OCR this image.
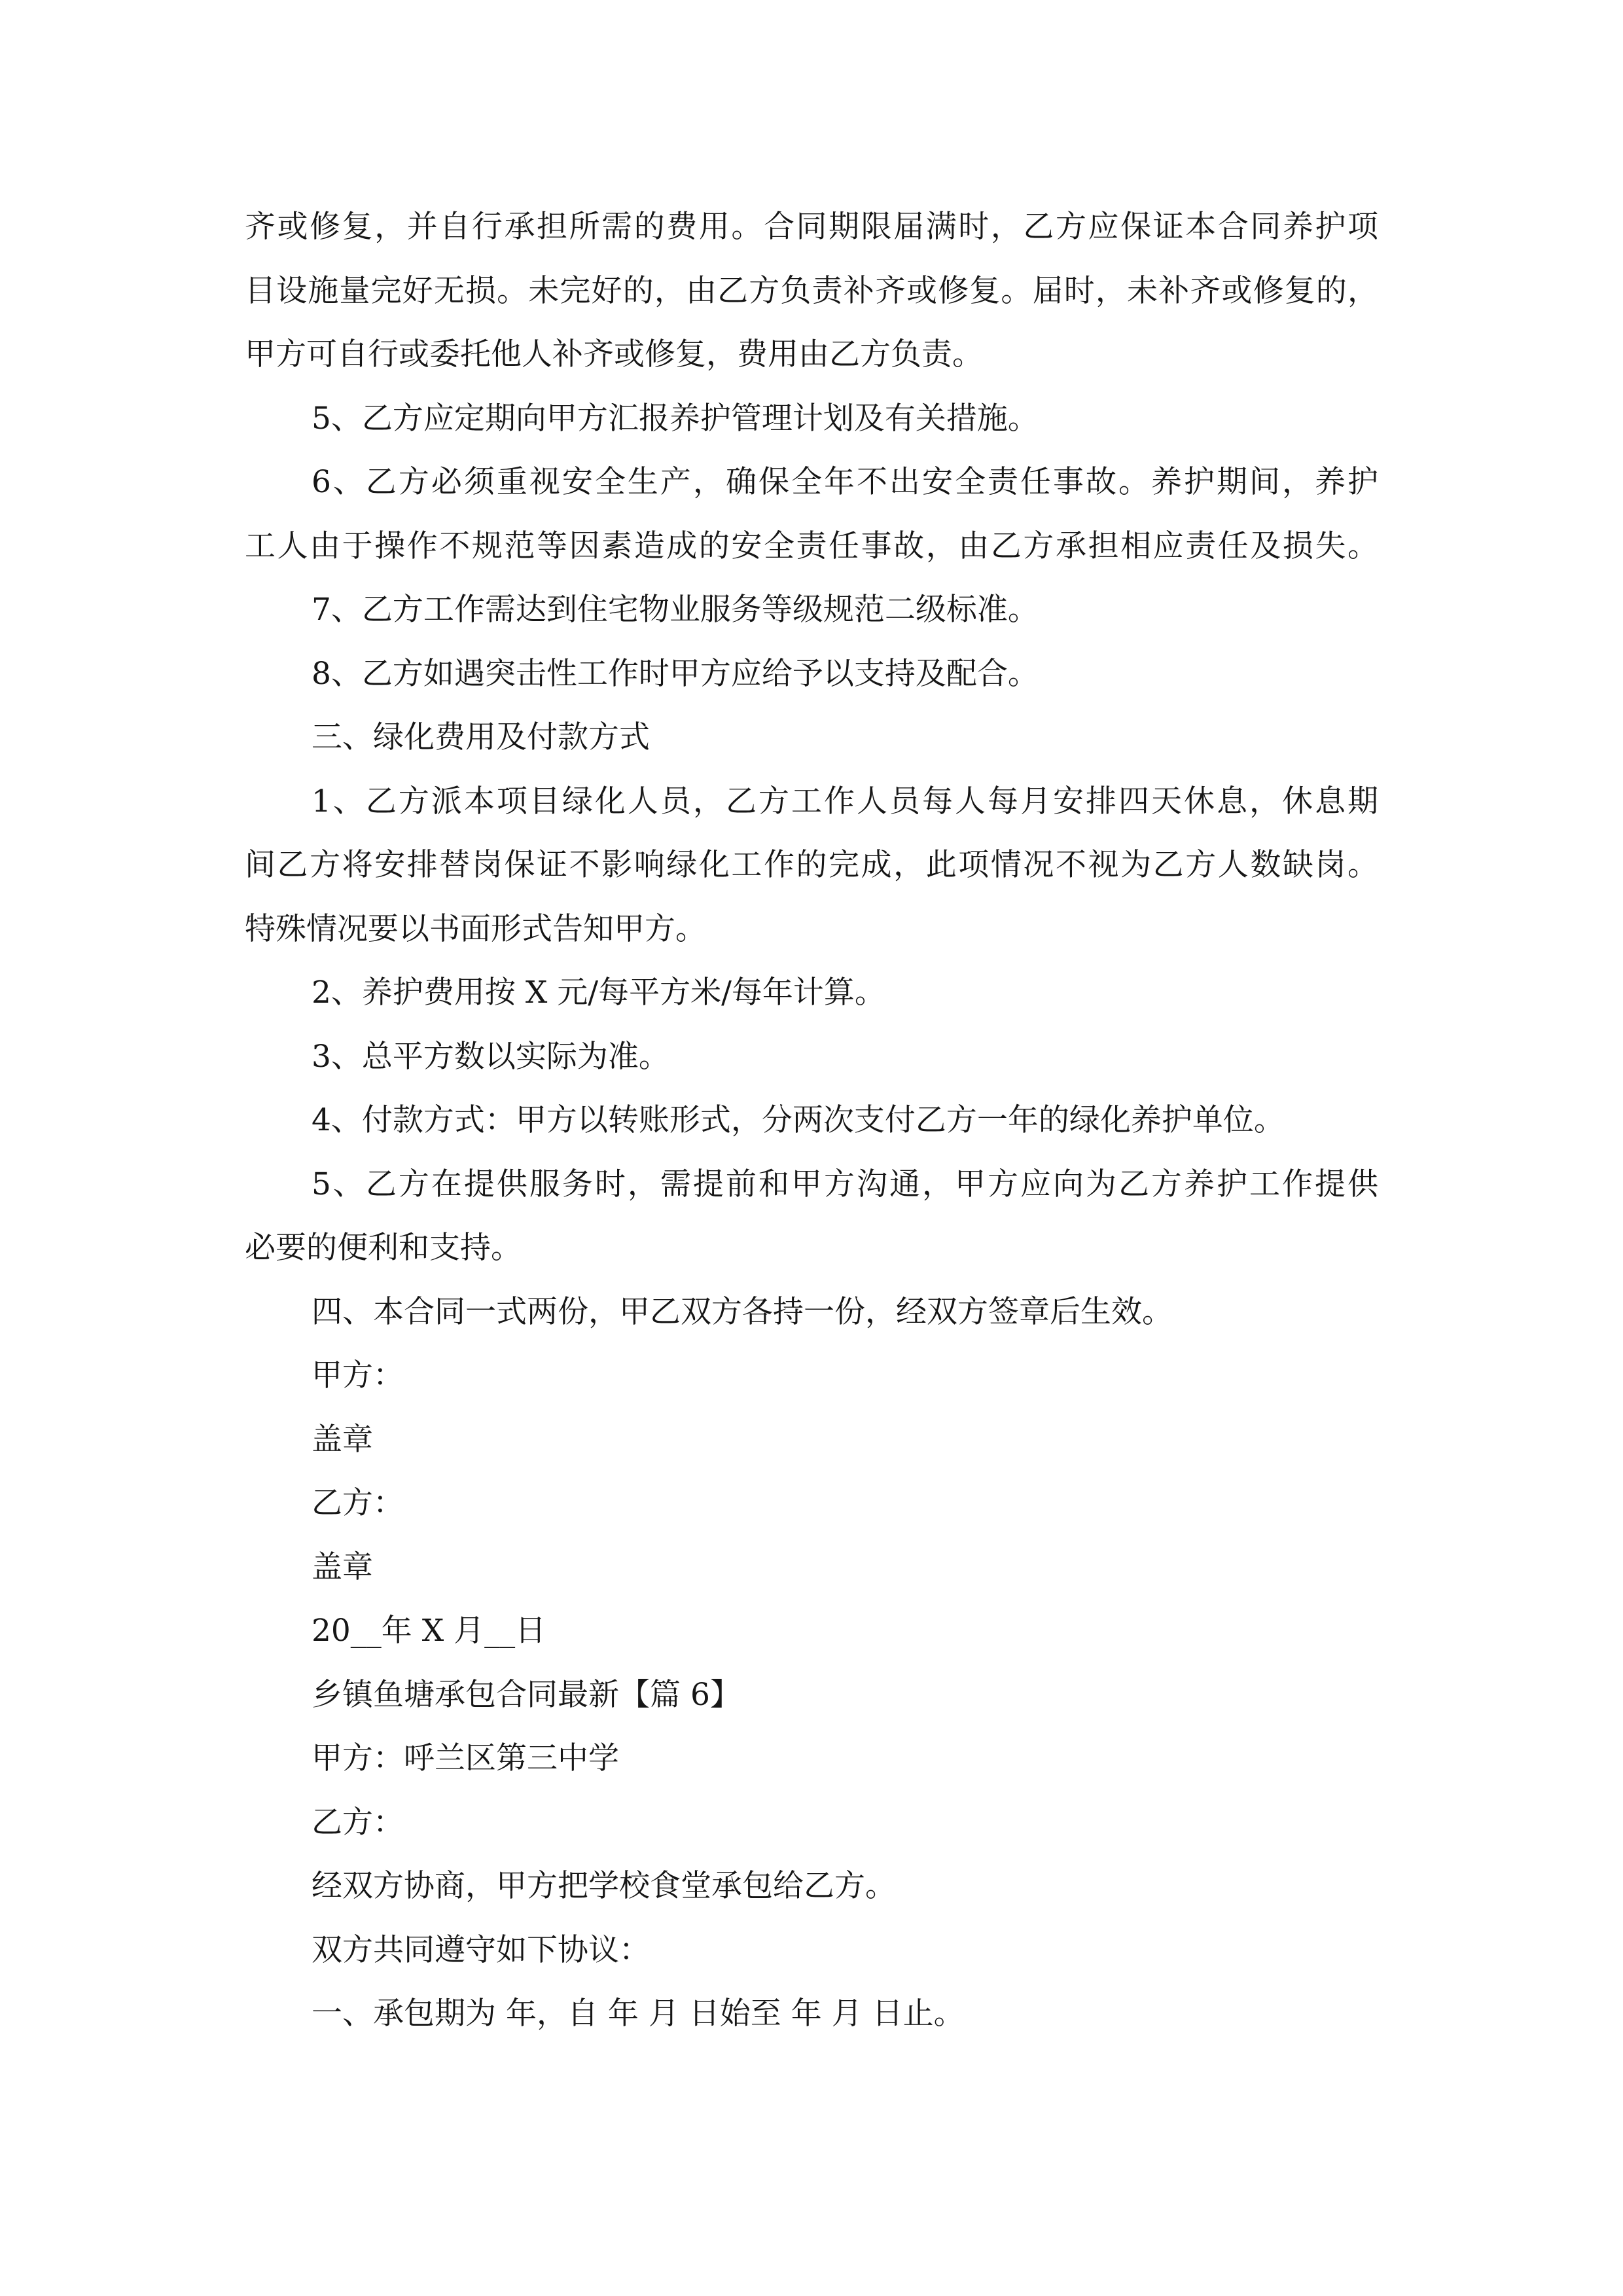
齐或修复，并自行承担所需的费用。合同期限届满时，乙方应保证本合同养护项
目设施量完好无损。未完好的，由乙方负责补齐或修复。届时，未补齐或修复的，
甲方可自行或委托他人补齐或修复，费用由乙方负责。
5、乙方应定期向甲方汇报养护管理计划及有关措施。
6、乙方必须重视安全生产，确保全年不出安全责任事故。养护期间，养护
工人由于操作不规范等因素造成的安全责任事故，由乙方承担相应责任及损失。
7、乙方工作需达到住宅物业服务等级规范二级标准。
8、乙方如遇突击性工作时甲方应给予以支持及配合。
三、绿化费用及付款方式
1、乙方派本项目绿化人员，乙方工作人员每人每月安排四天休息，休息期
间乙方将安排替岗保证不影响绿化工作的完成，此项情况不视为乙方人数缺岗。
特殊情况要以书面形式告知甲方。
2、养护费用按 X 元/每平方米/每年计算。
3、总平方数以实际为准。
4、付款方式：甲方以转账形式，分两次支付乙方一年的绿化养护单位。
5、乙方在提供服务时，需提前和甲方沟通，甲方应向为乙方养护工作提供
必要的便利和支持。
四、本合同一式两份，甲乙双方各持一份，经双方签章后生效。
甲方：
盖章
乙方：
盖章
20__年 X 月__日
乡镇鱼塘承包合同最新【篇 6】
甲方：呼兰区第三中学
乙方：
经双方协商，甲方把学校食堂承包给乙方。
双方共同遵守如下协议：
一、承包期为 年，自 年 月 日始至 年 月 日止。
